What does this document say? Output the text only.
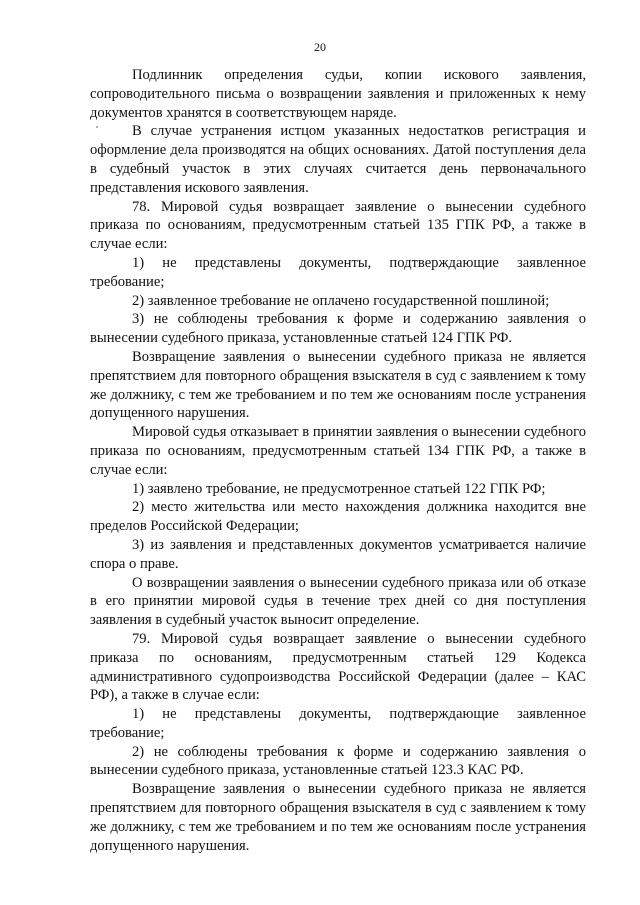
20

Подлинник определения судьи, копии искового заявления, сопроводительного письма о возвращении заявления и приложенных к нему документов хранятся в соответствующем наряде.

В случае устранения истцом указанных недостатков регистрация и оформление дела производятся на общих основаниях. Датой поступления дела в судебный участок в этих случаях считается день первоначального представления искового заявления.

78. Мировой судья возвращает заявление о вынесении судебного приказа по основаниям, предусмотренным статьей 135 ГПК РФ, а также в случае если:

1) не представлены документы, подтверждающие заявленное требование;

2) заявленное требование не оплачено государственной пошлиной;

3) не соблюдены требования к форме и содержанию заявления о вынесении судебного приказа, установленные статьей 124 ГПК РФ.

Возвращение заявления о вынесении судебного приказа не является препятствием для повторного обращения взыскателя в суд с заявлением к тому же должнику, с тем же требованием и по тем же основаниям после устранения допущенного нарушения.

Мировой судья отказывает в принятии заявления о вынесении судебного приказа по основаниям, предусмотренным статьей 134 ГПК РФ, а также в случае если:

1) заявлено требование, не предусмотренное статьей 122 ГПК РФ;

2) место жительства или место нахождения должника находится вне пределов Российской Федерации;

3) из заявления и представленных документов усматривается наличие спора о праве.

О возвращении заявления о вынесении судебного приказа или об отказе в его принятии мировой судья в течение трех дней со дня поступления заявления в судебный участок выносит определение.

79. Мировой судья возвращает заявление о вынесении судебного приказа по основаниям, предусмотренным статьей 129 Кодекса административного судопроизводства Российской Федерации (далее – КАС РФ), а также в случае если:

1) не представлены документы, подтверждающие заявленное требование;

2) не соблюдены требования к форме и содержанию заявления о вынесении судебного приказа, установленные статьей 123.3 КАС РФ.

Возвращение заявления о вынесении судебного приказа не является препятствием для повторного обращения взыскателя в суд с заявлением к тому же должнику, с тем же требованием и по тем же основаниям после устранения допущенного нарушения.
